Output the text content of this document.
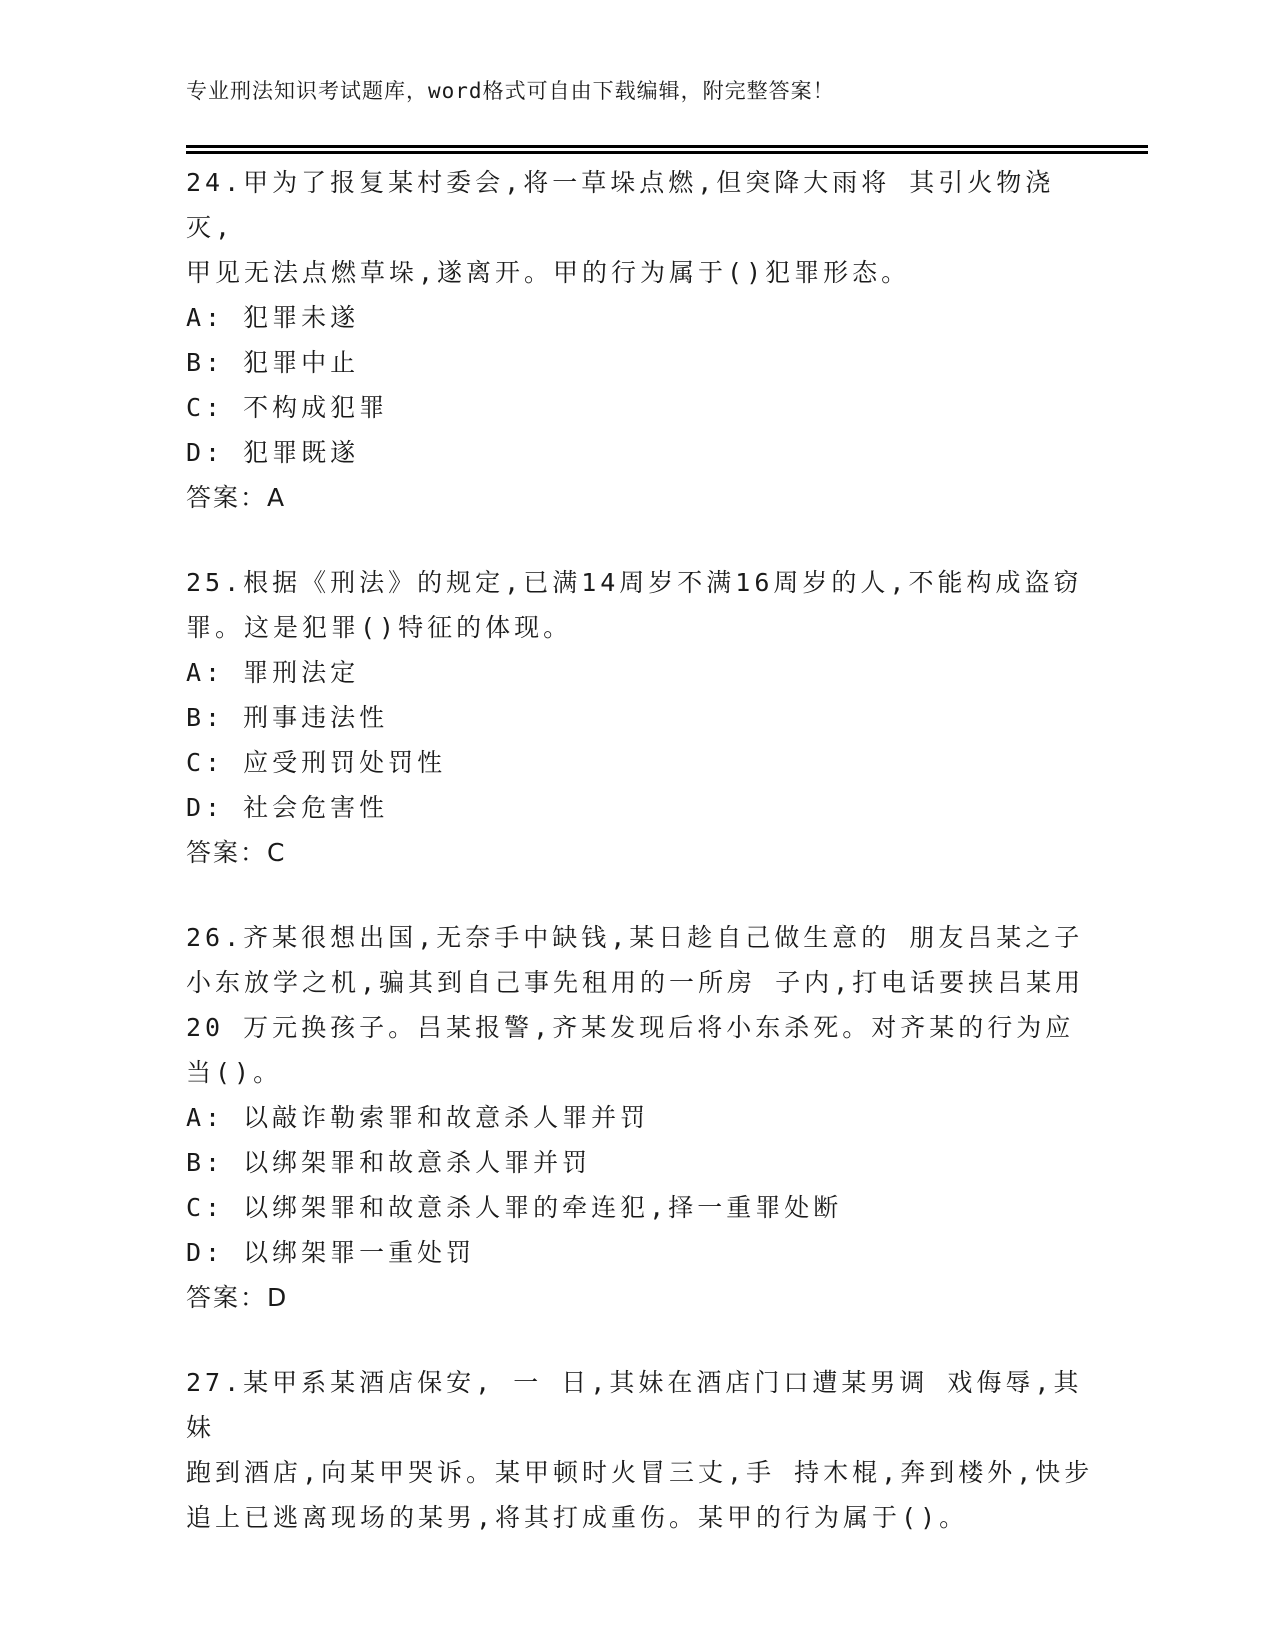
专业刑法知识考试题库，word格式可自由下载编辑，附完整答案！
24.甲为了报复某村委会,将一草垛点燃,但突降大雨将 其引火物浇灭,
甲见无法点燃草垛,遂离开。甲的行为属于()犯罪形态。
A: 犯罪未遂
B: 犯罪中止
C: 不构成犯罪
D: 犯罪既遂
答案：A
25.根据《刑法》的规定,已满14周岁不满16周岁的人,不能构成盗窃
罪。这是犯罪()特征的体现。
A: 罪刑法定
B: 刑事违法性
C: 应受刑罚处罚性
D: 社会危害性
答案：C
26.齐某很想出国,无奈手中缺钱,某日趁自己做生意的 朋友吕某之子
小东放学之机,骗其到自己事先租用的一所房 子内,打电话要挟吕某用
20 万元换孩子。吕某报警,齐某发现后将小东杀死。对齐某的行为应
当()。
A: 以敲诈勒索罪和故意杀人罪并罚
B: 以绑架罪和故意杀人罪并罚
C: 以绑架罪和故意杀人罪的牵连犯,择一重罪处断
D: 以绑架罪一重处罚
答案：D
27.某甲系某酒店保安, 一 日,其妹在酒店门口遭某男调 戏侮辱,其妹
跑到酒店,向某甲哭诉。某甲顿时火冒三丈,手 持木棍,奔到楼外,快步
追上已逃离现场的某男,将其打成重伤。某甲的行为属于()。
